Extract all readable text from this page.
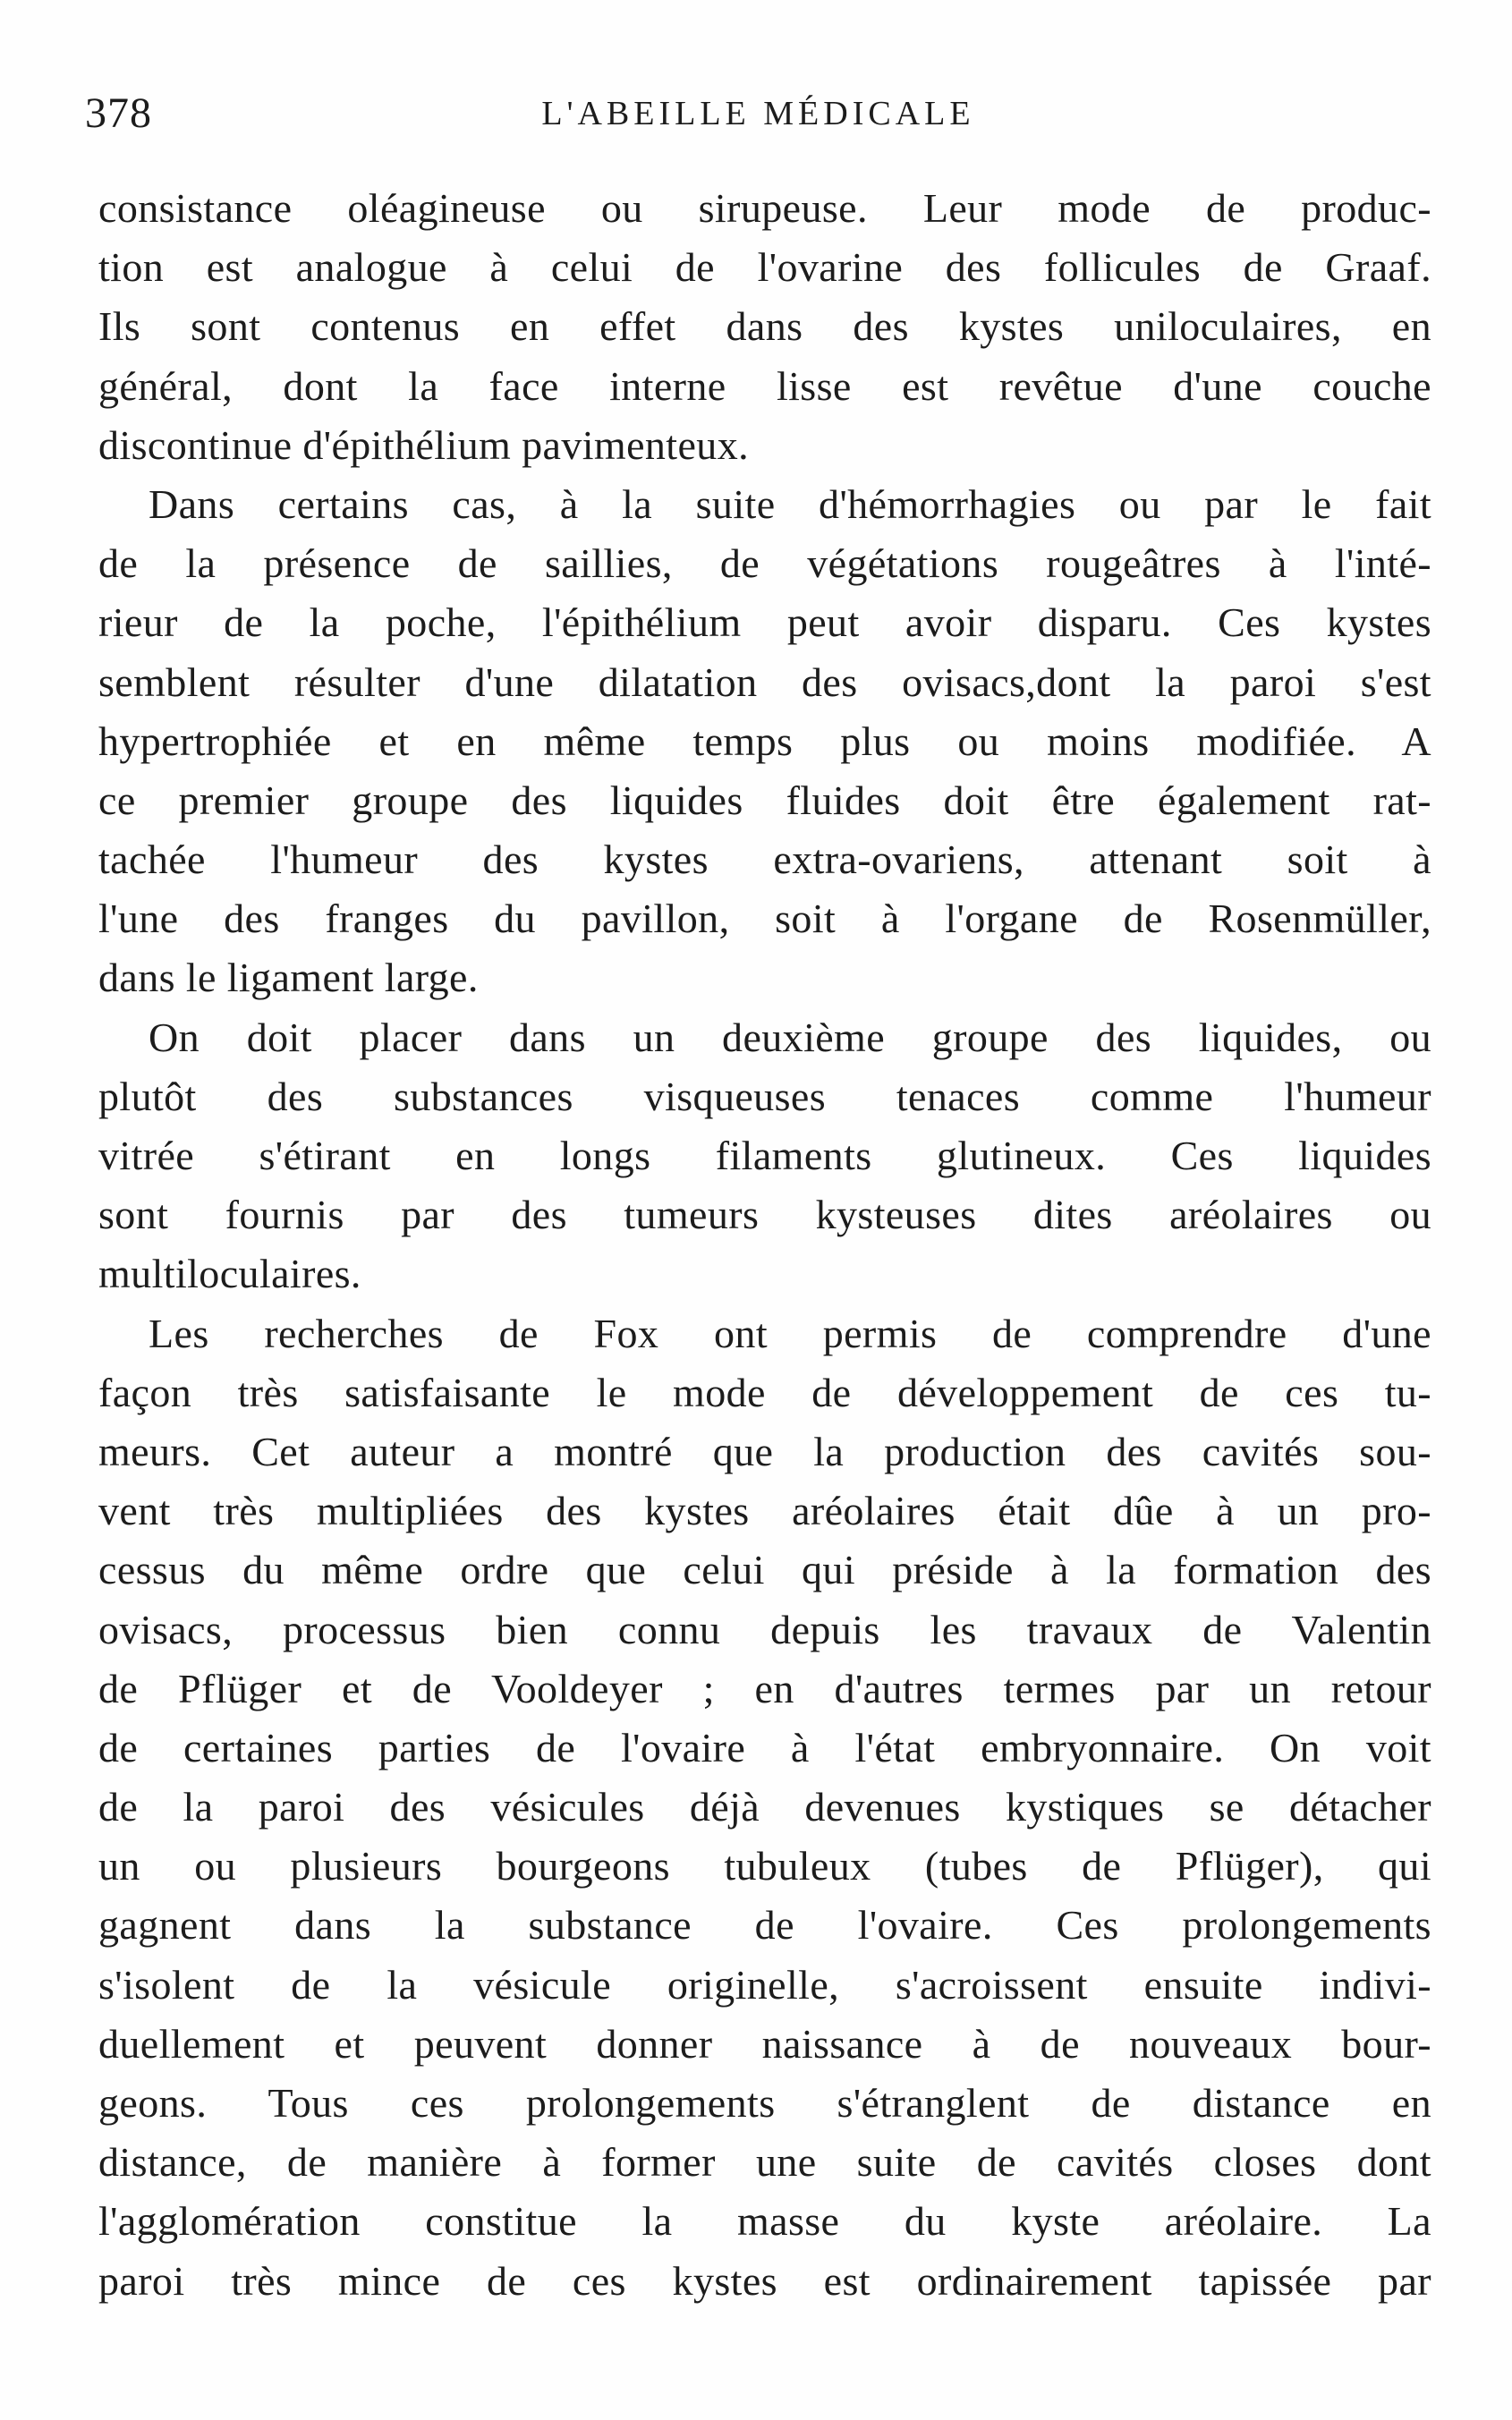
378	L'ABEILLE MÉDICALE
consistance oléagineuse ou sirupeuse. Leur mode de produc-
tion est analogue à celui de l'ovarine des follicules de Graaf.
Ils sont contenus en effet dans des kystes uniloculaires, en
général, dont la face interne lisse est revêtue d'une couche
discontinue d'épithélium pavimenteux.
Dans certains cas, à la suite d'hémorrhagies ou par le fait
de la présence de saillies, de végétations rougeâtres à l'inté-
rieur de la poche, l'épithélium peut avoir disparu. Ces kystes
semblent résulter d'une dilatation des ovisacs,dont la paroi s'est
hypertrophiée et en même temps plus ou moins modifiée. A
ce premier groupe des liquides fluides doit être également rat-
tachée l'humeur des kystes extra-ovariens, attenant soit à
l'une des franges du pavillon, soit à l'organe de Rosenmüller,
dans le ligament large.
On doit placer dans un deuxième groupe des liquides, ou
plutôt des substances visqueuses tenaces comme l'humeur
vitrée s'étirant en longs filaments glutineux. Ces liquides
sont fournis par des tumeurs kysteuses dites aréolaires ou
multiloculaires.
Les recherches de Fox ont permis de comprendre d'une
façon très satisfaisante le mode de développement de ces tu-
meurs. Cet auteur a montré que la production des cavités sou-
vent très multipliées des kystes aréolaires était dûe à un pro-
cessus du même ordre que celui qui préside à la formation des
ovisacs, processus bien connu depuis les travaux de Valentin
de Pflüger et de Vooldeyer ; en d'autres termes par un retour
de certaines parties de l'ovaire à l'état embryonnaire. On voit
de la paroi des vésicules déjà devenues kystiques se détacher
un ou plusieurs bourgeons tubuleux (tubes de Pflüger), qui
gagnent dans la substance de l'ovaire. Ces prolongements
s'isolent de la vésicule originelle, s'acroissent ensuite indivi-
duellement et peuvent donner naissance à de nouveaux bour-
geons. Tous ces prolongements s'étranglent de distance en
distance, de manière à former une suite de cavités closes dont
l'agglomération constitue la masse du kyste aréolaire. La
paroi très mince de ces kystes est ordinairement tapissée par
